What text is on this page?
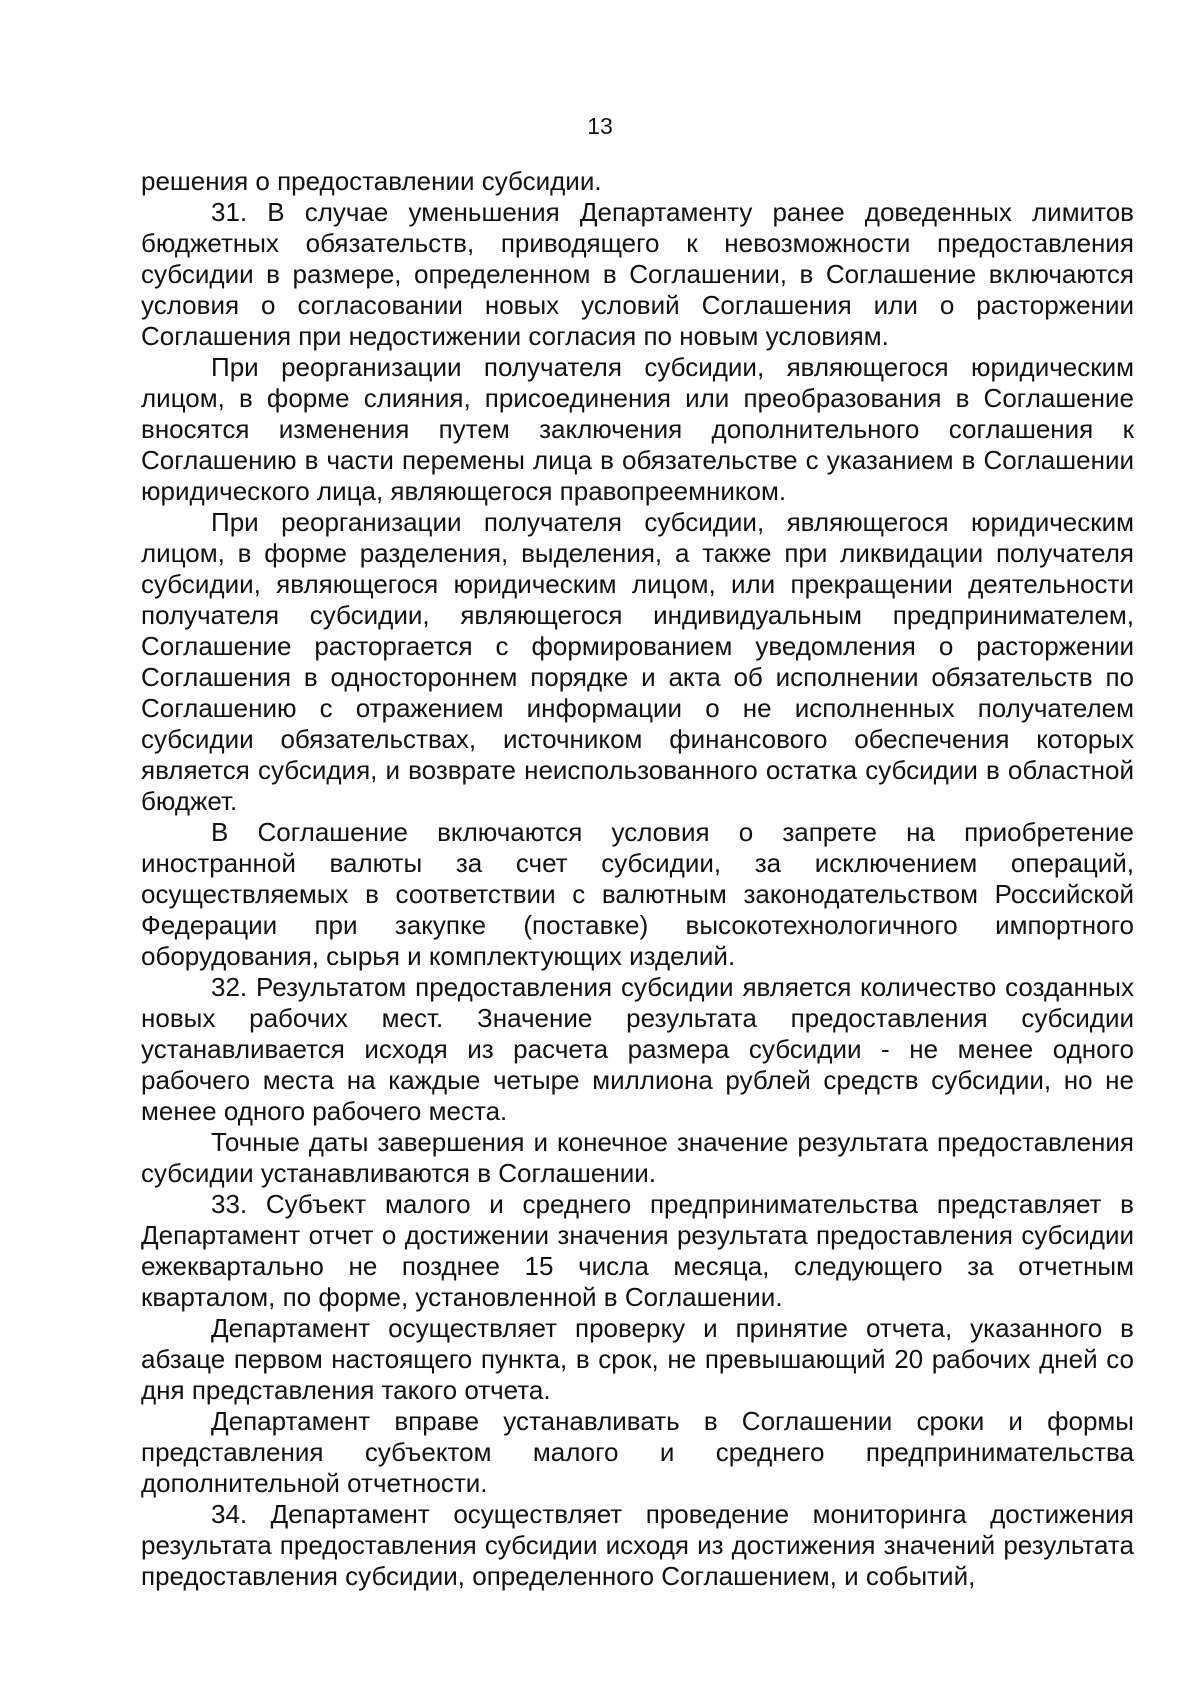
13

решения о предоставлении субсидии.

31. В случае уменьшения Департаменту ранее доведенных лимитов бюджетных обязательств, приводящего к невозможности предоставления субсидии в размере, определенном в Соглашении, в Соглашение включаются условия о согласовании новых условий Соглашения или о расторжении Соглашения при недостижении согласия по новым условиям.

При реорганизации получателя субсидии, являющегося юридическим лицом, в форме слияния, присоединения или преобразования в Соглашение вносятся изменения путем заключения дополнительного соглашения к Соглашению в части перемены лица в обязательстве с указанием в Соглашении юридического лица, являющегося правопреемником.

При реорганизации получателя субсидии, являющегося юридическим лицом, в форме разделения, выделения, а также при ликвидации получателя субсидии, являющегося юридическим лицом, или прекращении деятельности получателя субсидии, являющегося индивидуальным предпринимателем, Соглашение расторгается с формированием уведомления о расторжении Соглашения в одностороннем порядке и акта об исполнении обязательств по Соглашению с отражением информации о не исполненных получателем субсидии обязательствах, источником финансового обеспечения которых является субсидия, и возврате неиспользованного остатка субсидии в областной бюджет.

В Соглашение включаются условия о запрете на приобретение иностранной валюты за счет субсидии, за исключением операций, осуществляемых в соответствии с валютным законодательством Российской Федерации при закупке (поставке) высокотехнологичного импортного оборудования, сырья и комплектующих изделий.

32. Результатом предоставления субсидии является количество созданных новых рабочих мест. Значение результата предоставления субсидии устанавливается исходя из расчета размера субсидии - не менее одного рабочего места на каждые четыре миллиона рублей средств субсидии, но не менее одного рабочего места.

Точные даты завершения и конечное значение результата предоставления субсидии устанавливаются в Соглашении.

33. Субъект малого и среднего предпринимательства представляет в Департамент отчет о достижении значения результата предоставления субсидии ежеквартально не позднее 15 числа месяца, следующего за отчетным кварталом, по форме, установленной в Соглашении.

Департамент осуществляет проверку и принятие отчета, указанного в абзаце первом настоящего пункта, в срок, не превышающий 20 рабочих дней со дня представления такого отчета.

Департамент вправе устанавливать в Соглашении сроки и формы представления субъектом малого и среднего предпринимательства дополнительной отчетности.

34. Департамент осуществляет проведение мониторинга достижения результата предоставления субсидии исходя из достижения значений результата предоставления субсидии, определенного Соглашением, и событий,
